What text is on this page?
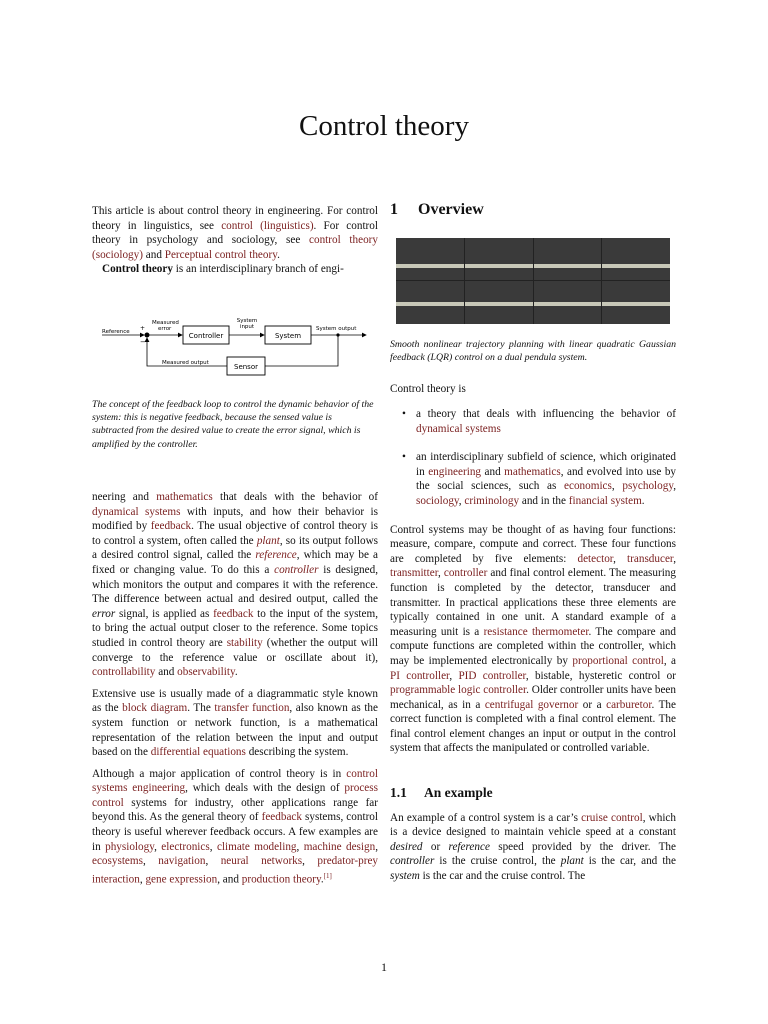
Control theory

This article is about control theory in engineering. For control theory in linguistics, see control (linguistics). For control theory in psychology and sociology, see control theory (sociology) and Perceptual control theory.

Control theory is an interdisciplinary branch of engi-

Reference +
−
Measured
error
Controller
System
input
System
System output
Sensor
Measured output
The concept of the feedback loop to control the dynamic behavior of the system: this is negative feedback, because the sensed value is subtracted from the desired value to create the error signal, which is amplified by the controller.

neering and mathematics that deals with the behavior of dynamical systems with inputs, and how their behavior is modified by feedback. The usual objective of control theory is to control a system, often called the plant, so its output follows a desired control signal, called the reference, which may be a fixed or changing value. To do this a controller is designed, which monitors the output and compares it with the reference. The difference between actual and desired output, called the error signal, is applied as feedback to the input of the system, to bring the actual output closer to the reference. Some topics studied in control theory are stability (whether the output will converge to the reference value or oscillate about it), controllability and observability.

Extensive use is usually made of a diagrammatic style known as the block diagram. The transfer function, also known as the system function or network function, is a mathematical representation of the relation between the input and output based on the differential equations describing the system.

Although a major application of control theory is in control systems engineering, which deals with the design of process control systems for industry, other applications range far beyond this. As the general theory of feedback systems, control theory is useful wherever feedback occurs. A few examples are in physiology, electronics, climate modeling, machine design, ecosystems, navigation, neural networks, predator-prey interaction, gene expression, and production theory.[1]

1 Overview
Smooth nonlinear trajectory planning with linear quadratic Gaussian feedback (LQR) control on a dual pendula system.

Control theory is

• a theory that deals with influencing the behavior of dynamical systems
• an interdisciplinary subfield of science, which originated in engineering and mathematics, and evolved into use by the social sciences, such as economics, psychology, sociology, criminology and in the financial system.

Control systems may be thought of as having four functions: measure, compare, compute and correct. These four functions are completed by five elements: detector, transducer, transmitter, controller and final control element. The measuring function is completed by the detector, transducer and transmitter. In practical applications these three elements are typically contained in one unit. A standard example of a measuring unit is a resistance thermometer. The compare and compute functions are completed within the controller, which may be implemented electronically by proportional control, a PI controller, PID controller, bistable, hysteretic control or programmable logic controller. Older controller units have been mechanical, as in a centrifugal governor or a carburetor. The correct function is completed with a final control element. The final control element changes an input or output in the control system that affects the manipulated or controlled variable.

1.1 An example

An example of a control system is a car’s cruise control, which is a device designed to maintain vehicle speed at a constant desired or reference speed provided by the driver. The controller is the cruise control, the plant is the car, and the system is the car and the cruise control. The

1
